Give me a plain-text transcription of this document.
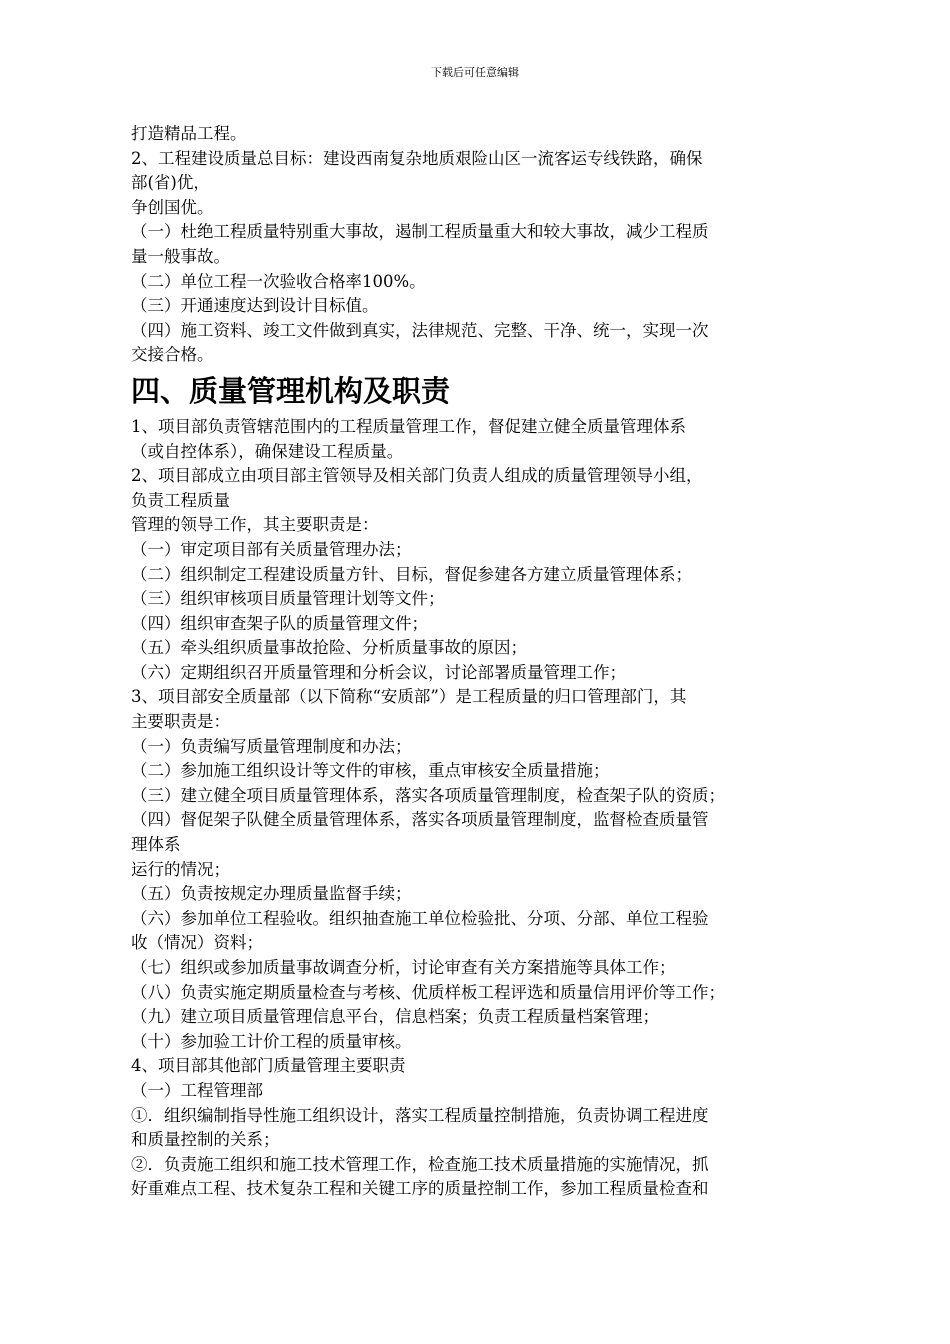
下载后可任意编辑
打造精品工程。
2、工程建设质量总目标：建设西南复杂地质艰险山区一流客运专线铁路，确保
部(省)优，
争创国优。
（一）杜绝工程质量特别重大事故，遏制工程质量重大和较大事故，减少工程质
量一般事故。
（二）单位工程一次验收合格率100%。
（三）开通速度达到设计目标值。
（四）施工资料、竣工文件做到真实，法律规范、完整、干净、统一，实现一次
交接合格。
四、质量管理机构及职责
1、项目部负责管辖范围内的工程质量管理工作，督促建立健全质量管理体系
（或自控体系），确保建设工程质量。
2、项目部成立由项目部主管领导及相关部门负责人组成的质量管理领导小组，
负责工程质量
管理的领导工作，其主要职责是：
（一）审定项目部有关质量管理办法；
（二）组织制定工程建设质量方针、目标，督促参建各方建立质量管理体系；
（三）组织审核项目质量管理计划等文件；
（四）组织审查架子队的质量管理文件；
（五）牵头组织质量事故抢险、分析质量事故的原因；
（六）定期组织召开质量管理和分析会议，讨论部署质量管理工作；
3、项目部安全质量部（以下简称“安质部”）是工程质量的归口管理部门，其
主要职责是：
（一）负责编写质量管理制度和办法；
（二）参加施工组织设计等文件的审核，重点审核安全质量措施；
（三）建立健全项目质量管理体系，落实各项质量管理制度，检查架子队的资质；
（四）督促架子队健全质量管理体系，落实各项质量管理制度，监督检查质量管
理体系
运行的情况；
（五）负责按规定办理质量监督手续；
（六）参加单位工程验收。组织抽查施工单位检验批、分项、分部、单位工程验
收（情况）资料；
（七）组织或参加质量事故调查分析，讨论审查有关方案措施等具体工作；
（八）负责实施定期质量检查与考核、优质样板工程评选和质量信用评价等工作；
（九）建立项目质量管理信息平台，信息档案；负责工程质量档案管理；
（十）参加验工计价工程的质量审核。
4、项目部其他部门质量管理主要职责
（一）工程管理部
①．组织编制指导性施工组织设计，落实工程质量控制措施，负责协调工程进度
和质量控制的关系；
②．负责施工组织和施工技术管理工作，检查施工技术质量措施的实施情况，抓
好重难点工程、技术复杂工程和关键工序的质量控制工作，参加工程质量检查和
